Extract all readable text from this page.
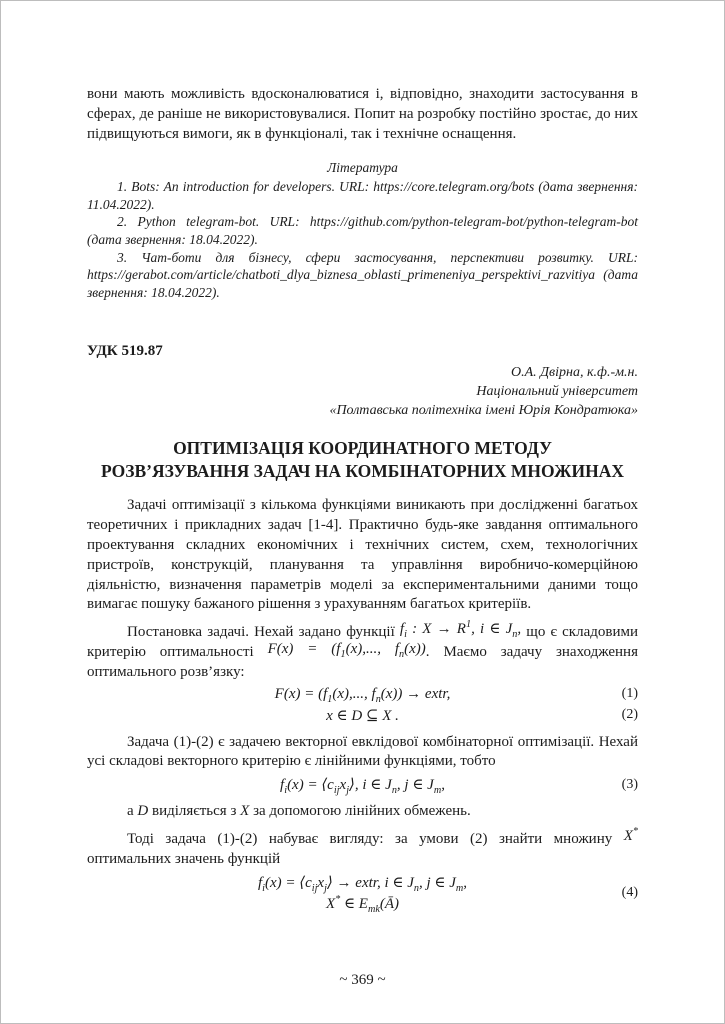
вони мають можливість вдосконалюватися і, відповідно, знаходити застосування в сферах, де раніше не використовувалися. Попит на розробку постійно зростає, до них підвищуються вимоги, як в функціоналі, так і технічне оснащення.

Література

1. Bots: An introduction for developers. URL: https://core.telegram.org/bots (дата звернення: 11.04.2022).

2. Python telegram-bot. URL: https://github.com/python-telegram-bot/python-telegram-bot (дата звернення: 18.04.2022).

3. Чат-боти для бізнесу, сфери застосування, перспективи розвитку. URL: https://gerabot.com/article/chatboti_dlya_biznesa_oblasti_primeneniya_perspektivi_razvitiya (дата звернення: 18.04.2022).

УДК 519.87

О.А. Двірна, к.ф.-м.н.

Національний університет

«Полтавська політехніка імені Юрія Кондратюка»

ОПТИМІЗАЦІЯ КООРДИНАТНОГО МЕТОДУ РОЗВ’ЯЗУВАННЯ ЗАДАЧ НА КОМБІНАТОРНИХ МНОЖИНАХ

Задачі оптимізації з кількома функціями виникають при дослідженні багатьох теоретичних і прикладних задач [1-4]. Практично будь-яке завдання оптимального проектування складних економічних і технічних систем, схем, технологічних пристроїв, конструкцій, планування та управління виробничо-комерційною діяльністю, визначення параметрів моделі за експериментальними даними тощо вимагає пошуку бажаного рішення з урахуванням багатьох критеріїв.

Постановка задачі. Нехай задано функції $f_i$ : $X \to R^1$, i ∈ $J_n$, що є складовими критерію оптимальності $F(x) = (f_1(x)$,..., $f_n(x)$). Маємо задачу знаходження оптимального розв’язку:

$F(x) = (f_1(x)$,..., $f_n(x)$) → extr,	(1)
x ∈ D ⊆ X .	(2)

Задача (1)-(2) є задачею векторної евклідової комбінаторної оптимізації. Нехай усі складові векторного критерію є лінійними функціями, тобто

$f_i(x)$ = $⟨c_{ij}x_j⟩$, i ∈ $J_n$, j ∈ $J_m$,	(3)

а D виділяється з X за допомогою лінійних обмежень.

Тоді задача (1)-(2) набуває вигляду: за умови (2) знайти множину X* оптимальних значень функцій

$f_i(x)$ = $⟨c_{ij}x_j⟩$ → extr, i ∈ $J_n$, j ∈ $J_m$,
X* ∈ $E_{mk}(Ā)$
(4)

~ 369 ~
